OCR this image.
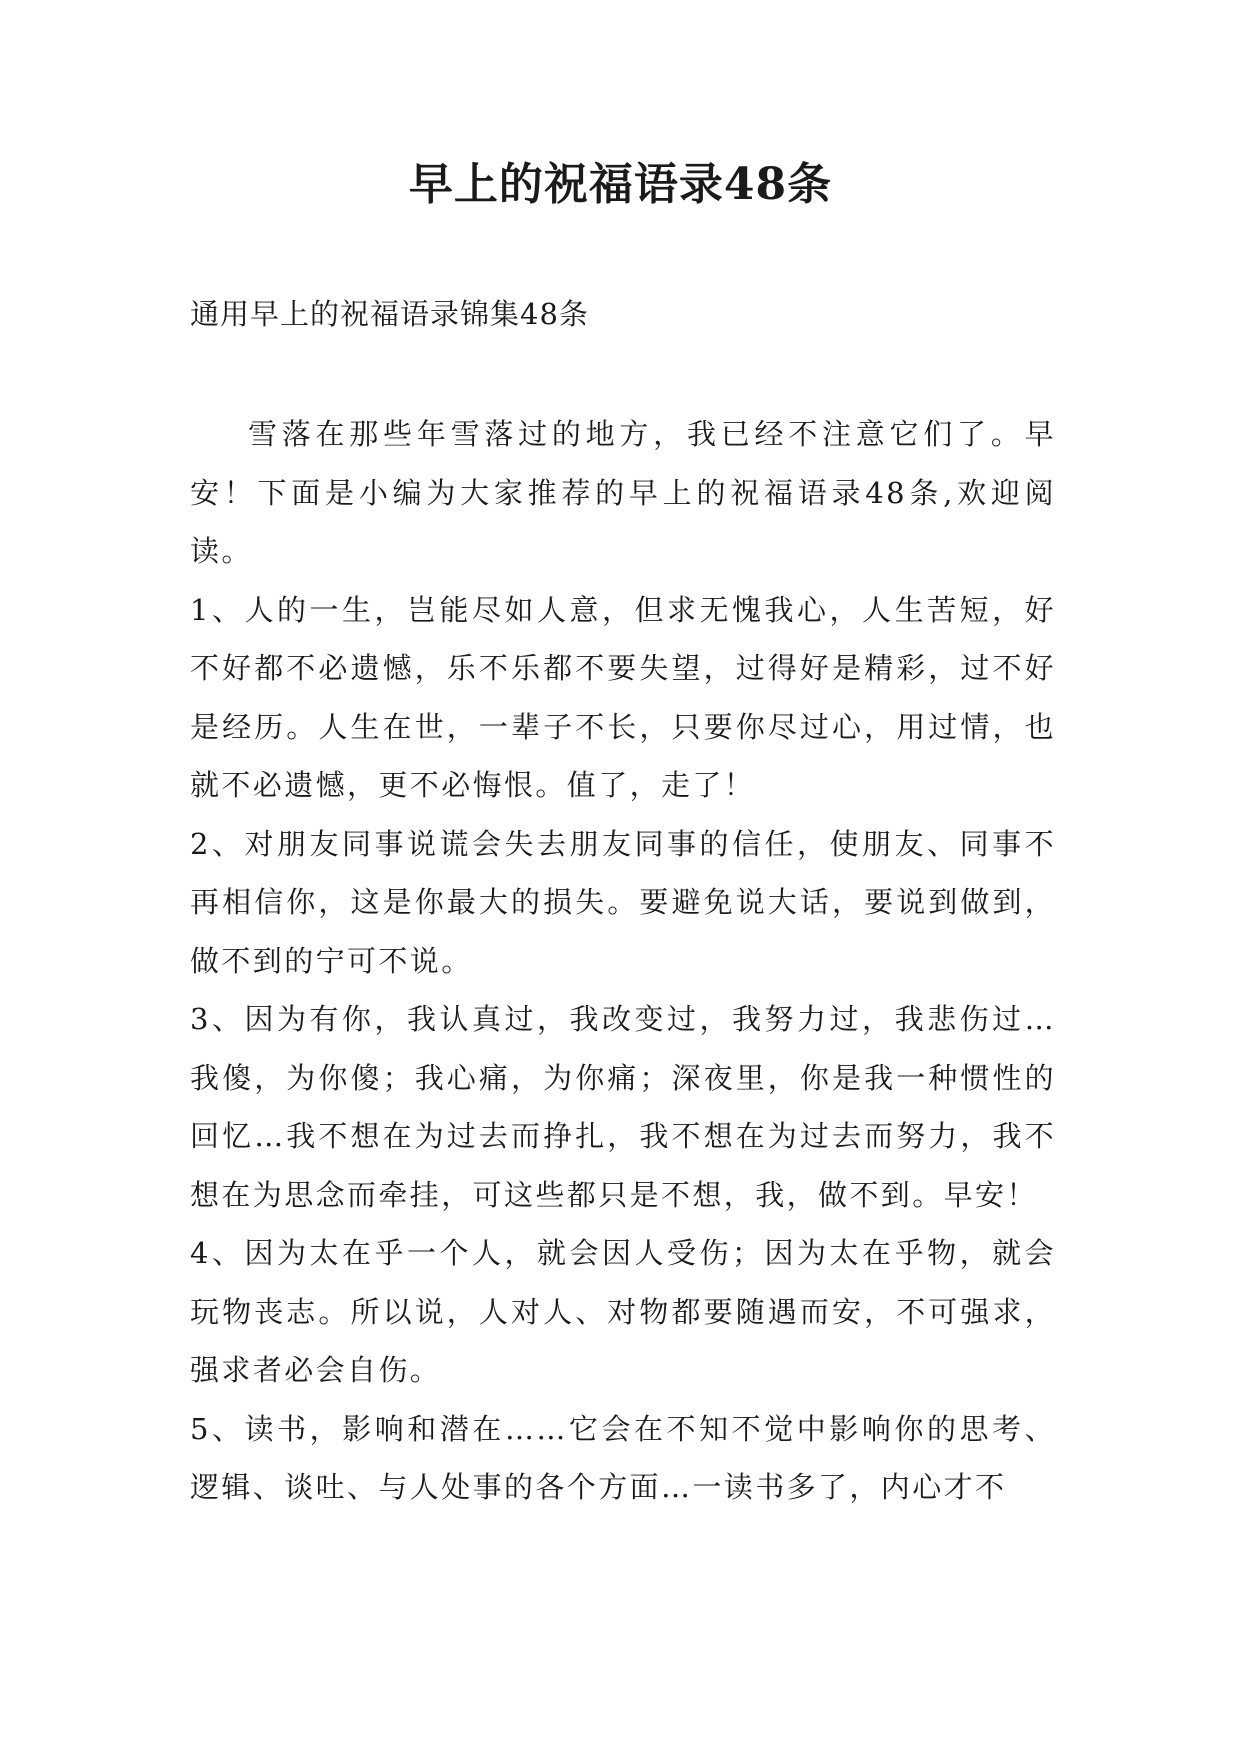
早上的祝福语录48条
通用早上的祝福语录锦集48条

雪落在那些年雪落过的地方，我已经不注意它们了。早安！下面是小编为大家推荐的早上的祝福语录48条,欢迎阅读。

1、人的一生，岂能尽如人意，但求无愧我心，人生苦短，好不好都不必遗憾，乐不乐都不要失望，过得好是精彩，过不好是经历。人生在世，一辈子不长，只要你尽过心，用过情，也就不必遗憾，更不必悔恨。值了，走了！

2、对朋友同事说谎会失去朋友同事的信任，使朋友、同事不再相信你，这是你最大的损失。要避免说大话，要说到做到，做不到的宁可不说。

3、因为有你，我认真过，我改变过，我努力过，我悲伤过…我傻，为你傻；我心痛，为你痛；深夜里，你是我一种惯性的回忆…我不想在为过去而挣扎，我不想在为过去而努力，我不想在为思念而牵挂，可这些都只是不想，我，做不到。早安！

4、因为太在乎一个人，就会因人受伤；因为太在乎物，就会玩物丧志。所以说，人对人、对物都要随遇而安，不可强求，强求者必会自伤。

5、读书，影响和潜在……它会在不知不觉中影响你的思考、逻辑、谈吐、与人处事的各个方面…一读书多了，内心才不
